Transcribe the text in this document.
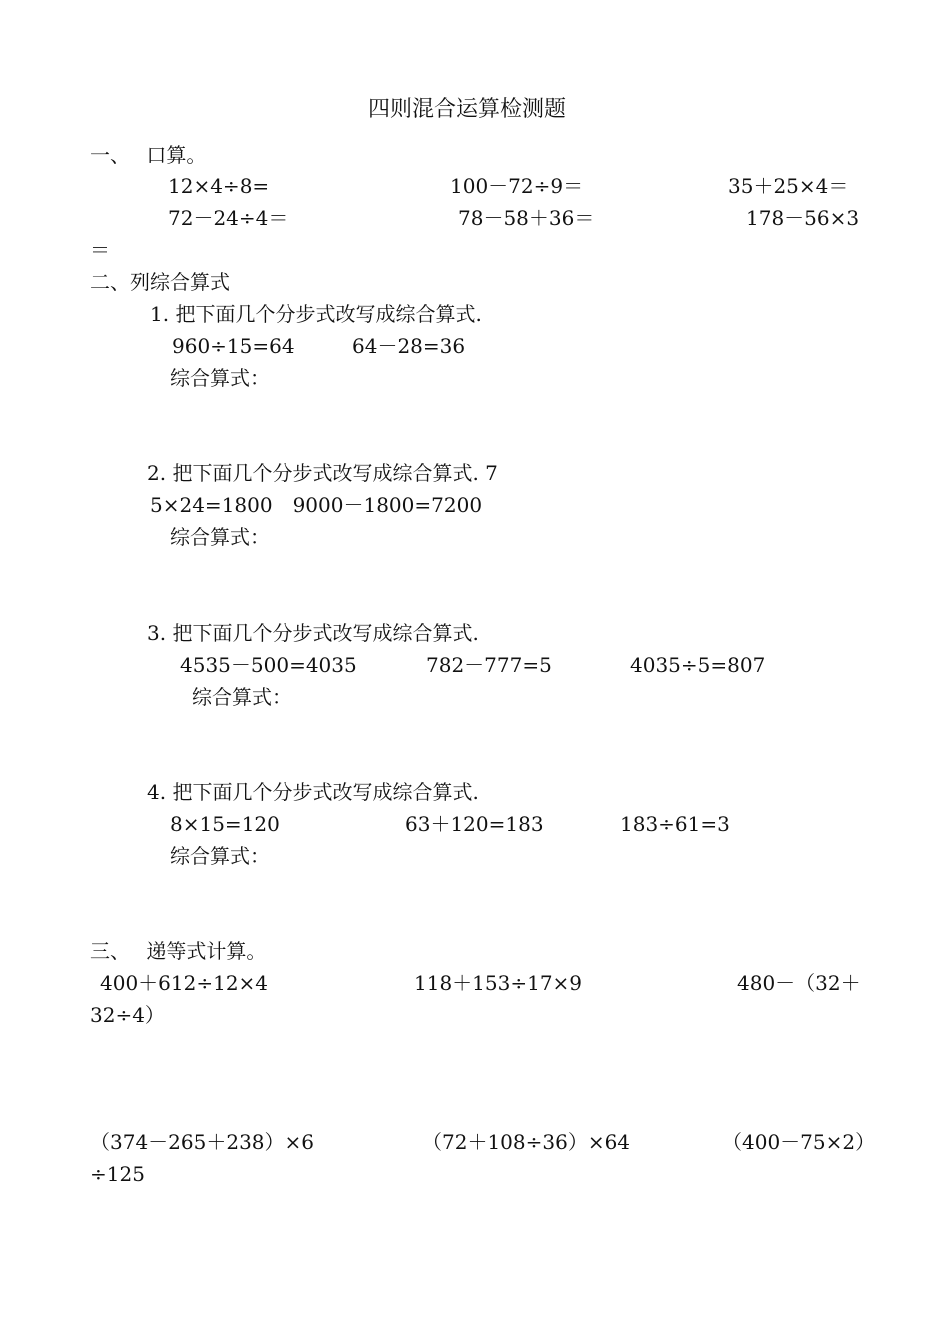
四则混合运算检测题
一、　 口算。
12×4÷8=	100－72÷9＝	35＋25×4＝
72－24÷4＝	78－58＋36＝	178－56×3
＝
二、列综合算式
1. 把下面几个分步式改写成综合算式.
960÷15=64	64－28=36
综合算式：
2. 把下面几个分步式改写成综合算式. 7
5×24=1800　9000－1800=7200
综合算式：
3. 把下面几个分步式改写成综合算式.
4535－500=4035	782－777=5	4035÷5=807
综合算式：
4. 把下面几个分步式改写成综合算式.
8×15=120	63＋120=183	183÷61=3
综合算式：
三、　 递等式计算。
400＋612÷12×4	118＋153÷17×9	480－（32＋
32÷4）
（374－265＋238）×6	（72＋108÷36）×64	（400－75×2）
÷125
